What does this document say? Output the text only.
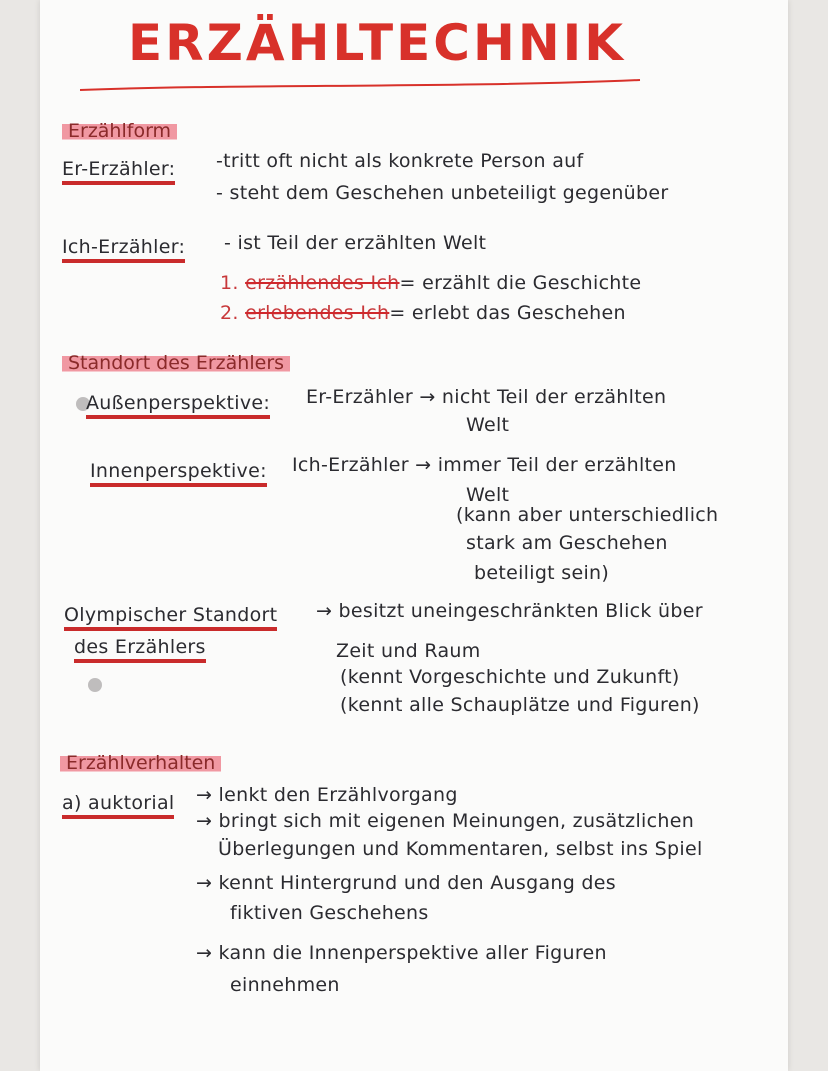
ERZÄHLTECHNIK
Erzählform
Er-Erzähler: -tritt oft nicht als konkrete Person auf
- steht dem Geschehen unbeteiligt gegenüber
Ich-Erzähler: - ist Teil der erzählten Welt
1. erzählendes Ich= erzählt die Geschichte
2. erlebendes Ich= erlebt das Geschehen
Standort des Erzählers
Außenperspektive: Er-Erzähler → nicht Teil der erzählten
Welt
Innenperspektive: Ich-Erzähler → immer Teil der erzählten
Welt
(kann aber unterschiedlich
stark am Geschehen
beteiligt sein)
Olympischer Standort
des Erzählers
→ besitzt uneingeschränkten Blick über
Zeit und Raum
(kennt Vorgeschichte und Zukunft)
(kennt alle Schauplätze und Figuren)
Erzählverhalten
a) auktorial → lenkt den Erzählvorgang
→ bringt sich mit eigenen Meinungen, zusätzlichen
Überlegungen und Kommentaren, selbst ins Spiel
→ kennt Hintergrund und den Ausgang des
fiktiven Geschehens
→ kann die Innenperspektive aller Figuren
einnehmen
